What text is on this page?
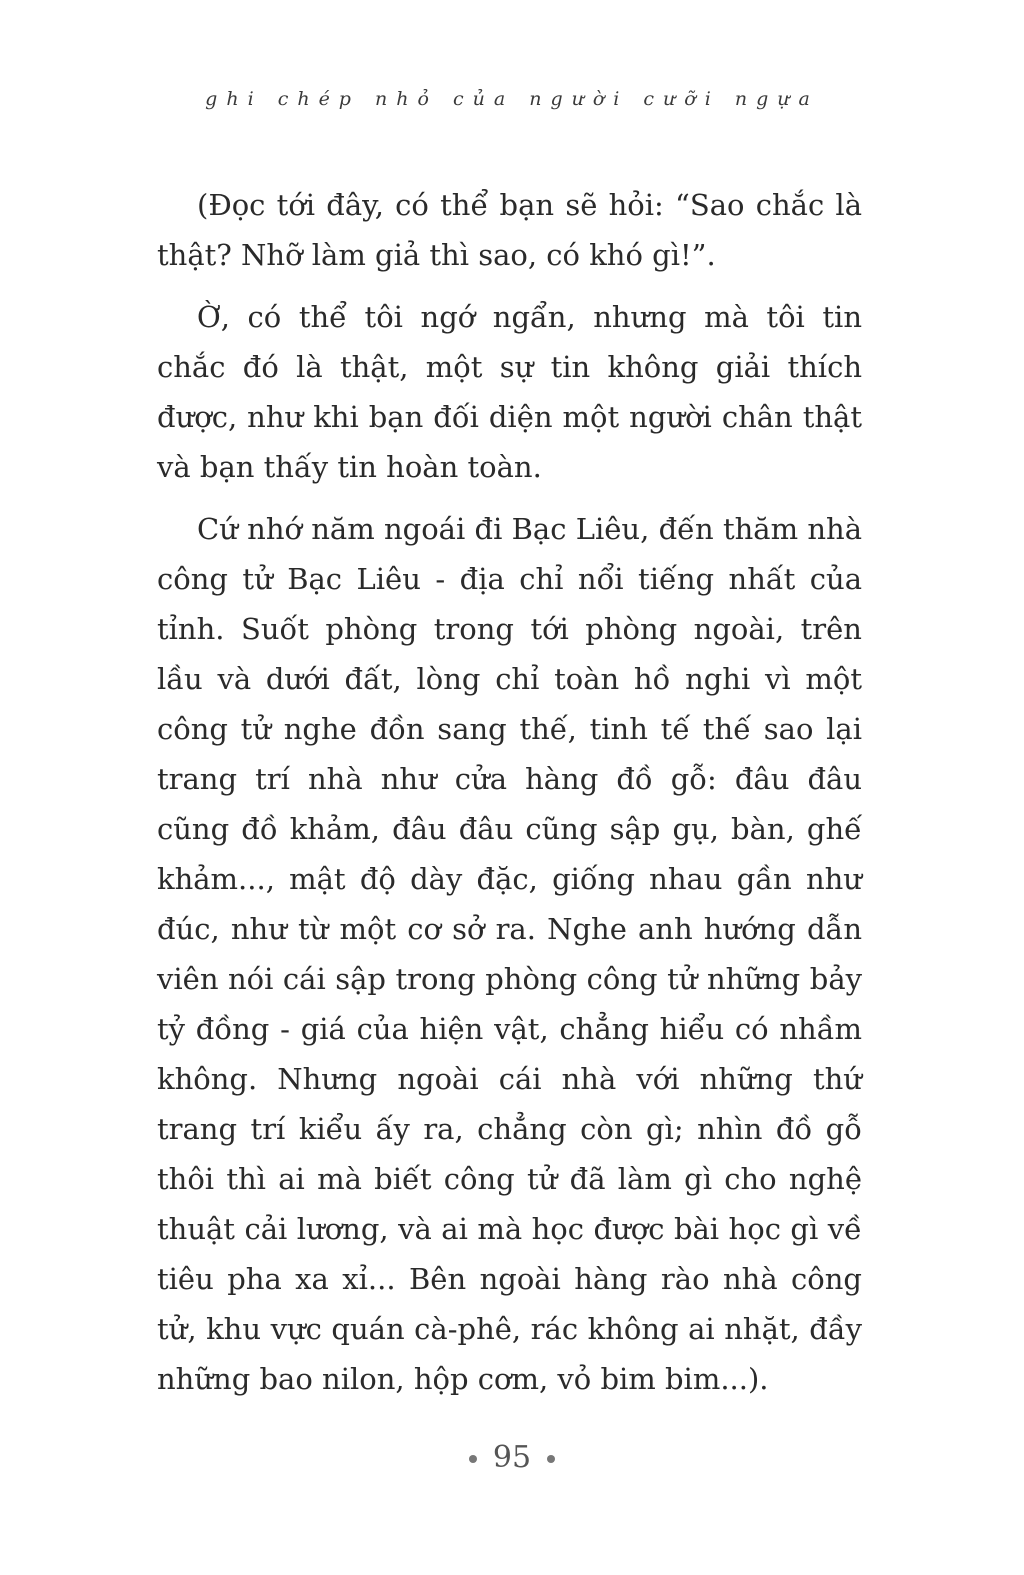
ghi chép nhỏ của người cưỡi ngựa

(Đọc tới đây, có thể bạn sẽ hỏi: “Sao chắc là thật? Nhỡ làm giả thì sao, có khó gì!”.

Ờ, có thể tôi ngớ ngẩn, nhưng mà tôi tin chắc đó là thật, một sự tin không giải thích được, như khi bạn đối diện một người chân thật và bạn thấy tin hoàn toàn.

Cứ nhớ năm ngoái đi Bạc Liêu, đến thăm nhà công tử Bạc Liêu - địa chỉ nổi tiếng nhất của tỉnh. Suốt phòng trong tới phòng ngoài, trên lầu và dưới đất, lòng chỉ toàn hồ nghi vì một công tử nghe đồn sang thế, tinh tế thế sao lại trang trí nhà như cửa hàng đồ gỗ: đâu đâu cũng đồ khảm, đâu đâu cũng sập gụ, bàn, ghế khảm..., mật độ dày đặc, giống nhau gần như đúc, như từ một cơ sở ra. Nghe anh hướng dẫn viên nói cái sập trong phòng công tử những bảy tỷ đồng - giá của hiện vật, chẳng hiểu có nhầm không. Nhưng ngoài cái nhà với những thứ trang trí kiểu ấy ra, chẳng còn gì; nhìn đồ gỗ thôi thì ai mà biết công tử đã làm gì cho nghệ thuật cải lương, và ai mà học được bài học gì về tiêu pha xa xỉ... Bên ngoài hàng rào nhà công tử, khu vực quán cà-phê, rác không ai nhặt, đầy những bao nilon, hộp cơm, vỏ bim bim...).

95
